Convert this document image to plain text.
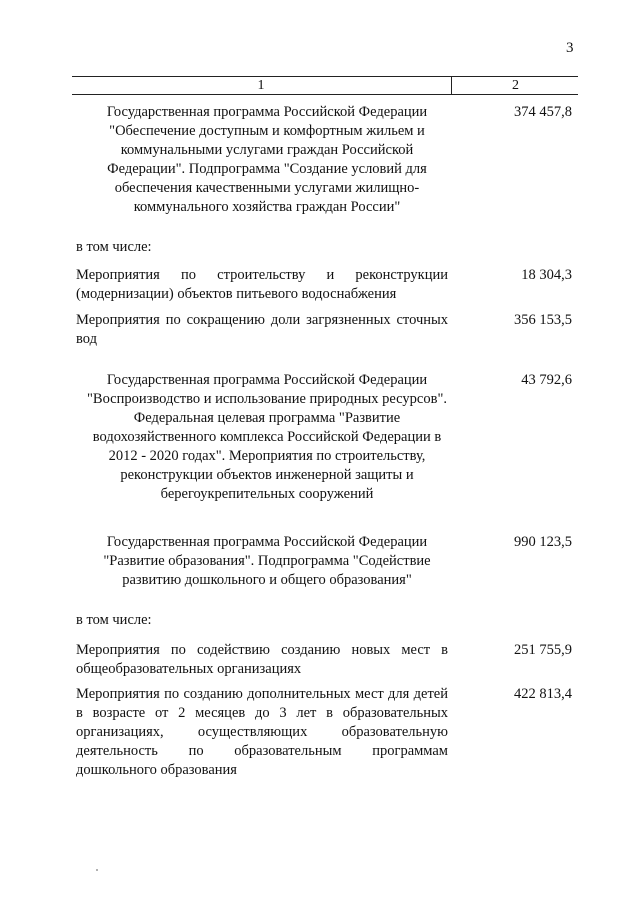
3
1	2
Государственная программа Российской Федерации "Обеспечение доступным и комфортным жильем и коммунальными услугами граждан Российской Федерации". Подпрограмма "Создание условий для обеспечения качественными услугами жилищно-коммунального хозяйства граждан России"
374 457,8
в том числе:
Мероприятия по строительству и реконструкции (модернизации) объектов питьевого водоснабжения
18 304,3
Мероприятия по сокращению доли загрязненных сточных вод
356 153,5
Государственная программа Российской Федерации "Воспроизводство и использование природных ресурсов". Федеральная целевая программа "Развитие водохозяйственного комплекса Российской Федерации в 2012 - 2020 годах". Мероприятия по строительству, реконструкции объектов инженерной защиты и берегоукрепительных сооружений
43 792,6
Государственная программа Российской Федерации "Развитие образования". Подпрограмма "Содействие развитию дошкольного и общего образования"
990 123,5
в том числе:
Мероприятия по содействию созданию новых мест в общеобразовательных организациях
251 755,9
Мероприятия по созданию дополнительных мест для детей в возрасте от 2 месяцев до 3 лет в образовательных организациях, осуществляющих образовательную деятельность по образовательным программам дошкольного образования
422 813,4
